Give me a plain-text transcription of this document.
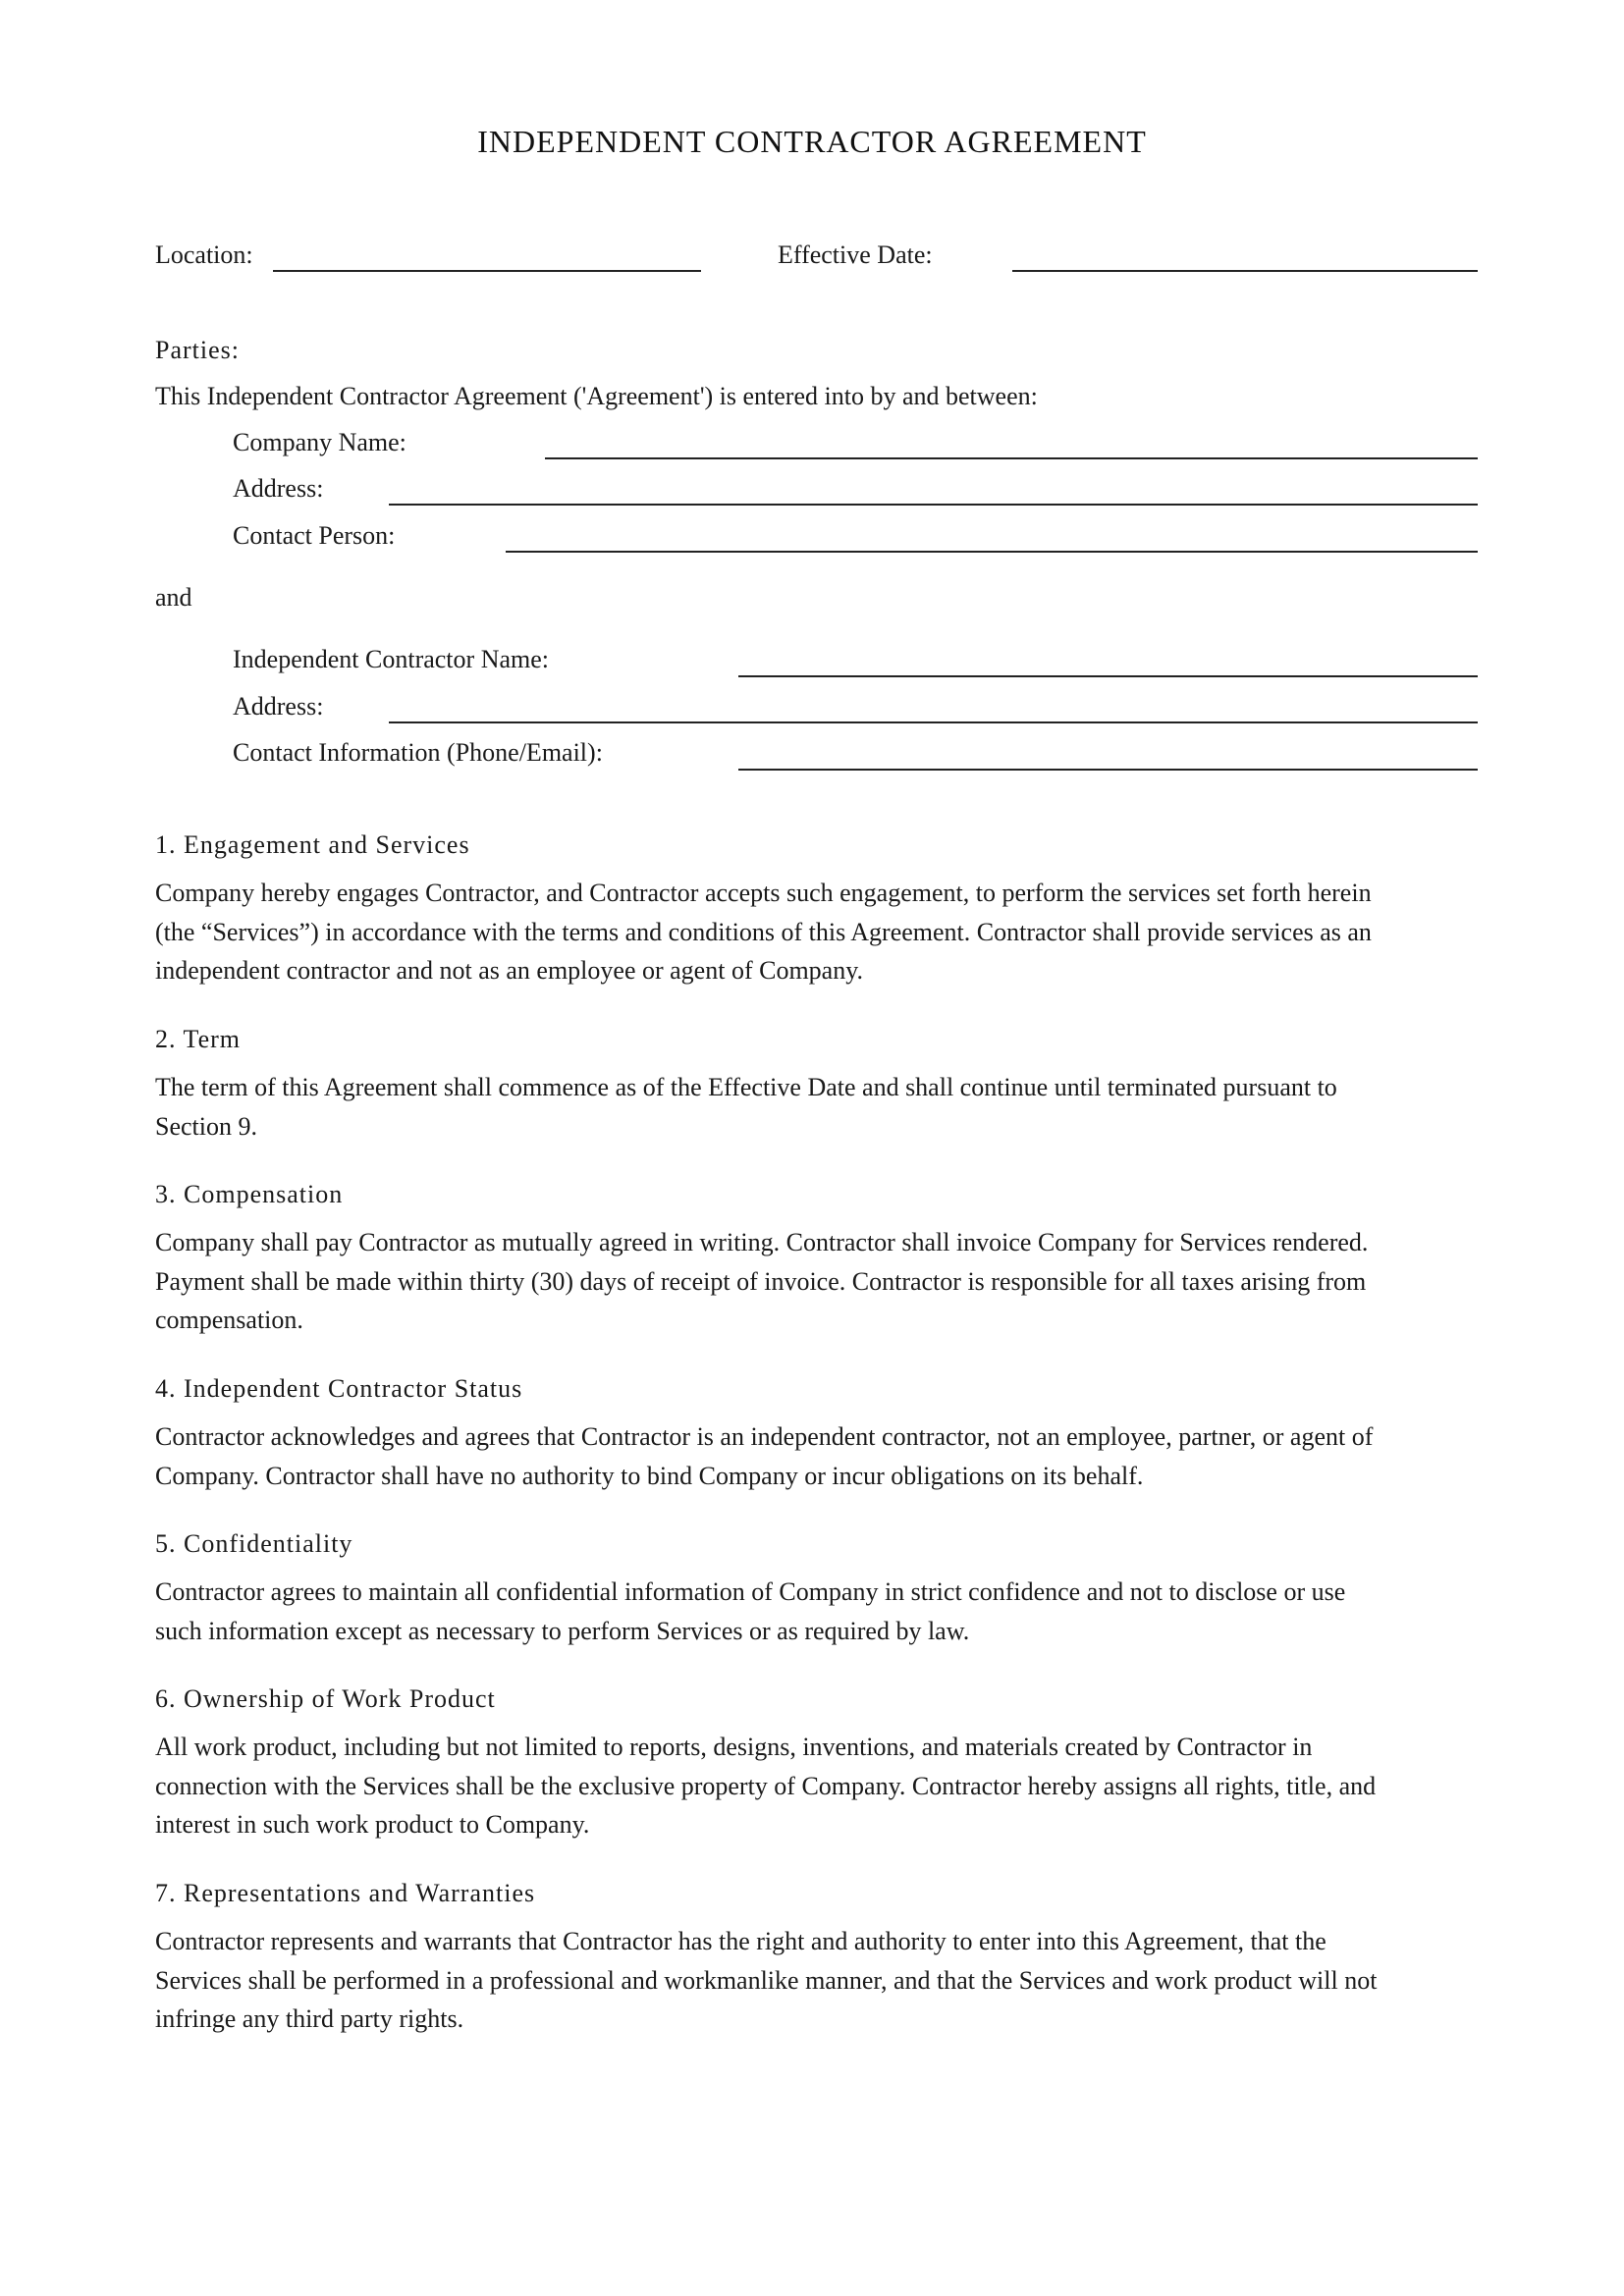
INDEPENDENT CONTRACTOR AGREEMENT
Location:	Effective Date:
Parties:
This Independent Contractor Agreement ('Agreement') is entered into by and between:
Company Name:
Address:
Contact Person:
and
Independent Contractor Name:
Address:
Contact Information (Phone/Email):
1. Engagement and Services
Company hereby engages Contractor, and Contractor accepts such engagement, to perform the services set forth herein
(the “Services”) in accordance with the terms and conditions of this Agreement. Contractor shall provide services as an
independent contractor and not as an employee or agent of Company.
2. Term
The term of this Agreement shall commence as of the Effective Date and shall continue until terminated pursuant to
Section 9.
3. Compensation
Company shall pay Contractor as mutually agreed in writing. Contractor shall invoice Company for Services rendered.
Payment shall be made within thirty (30) days of receipt of invoice. Contractor is responsible for all taxes arising from
compensation.
4. Independent Contractor Status
Contractor acknowledges and agrees that Contractor is an independent contractor, not an employee, partner, or agent of
Company. Contractor shall have no authority to bind Company or incur obligations on its behalf.
5. Confidentiality
Contractor agrees to maintain all confidential information of Company in strict confidence and not to disclose or use
such information except as necessary to perform Services or as required by law.
6. Ownership of Work Product
All work product, including but not limited to reports, designs, inventions, and materials created by Contractor in
connection with the Services shall be the exclusive property of Company. Contractor hereby assigns all rights, title, and
interest in such work product to Company.
7. Representations and Warranties
Contractor represents and warrants that Contractor has the right and authority to enter into this Agreement, that the
Services shall be performed in a professional and workmanlike manner, and that the Services and work product will not
infringe any third party rights.
